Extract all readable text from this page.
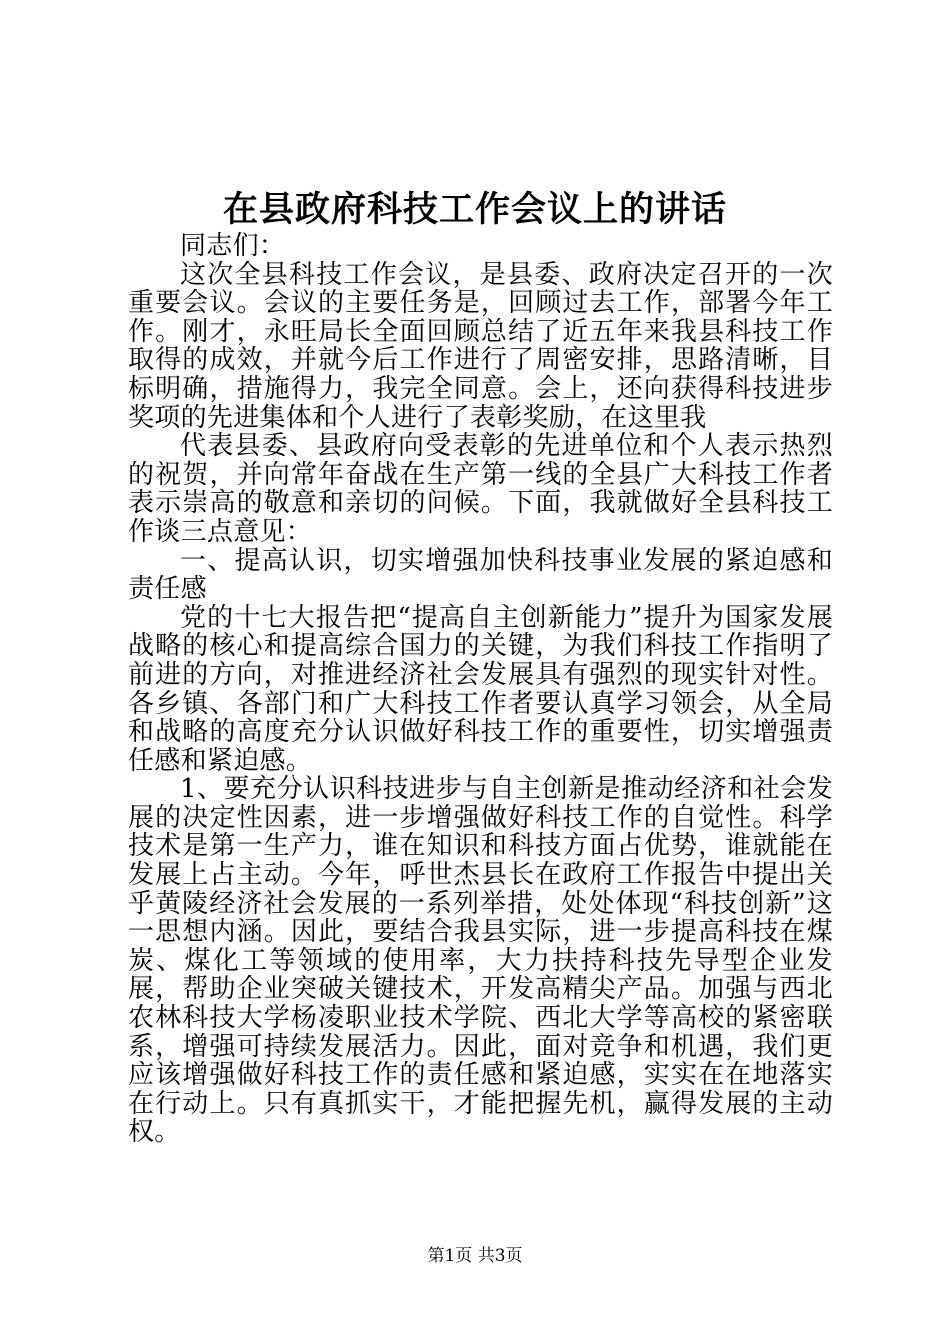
在县政府科技工作会议上的讲话

同志们：

这次全县科技工作会议，是县委、政府决定召开的一次重要会议。会议的主要任务是，回顾过去工作，部署今年工作。刚才，永旺局长全面回顾总结了近五年来我县科技工作取得的成效，并就今后工作进行了周密安排，思路清晰，目标明确，措施得力，我完全同意。会上，还向获得科技进步奖项的先进集体和个人进行了表彰奖励，在这里我

代表县委、县政府向受表彰的先进单位和个人表示热烈的祝贺，并向常年奋战在生产第一线的全县广大科技工作者表示崇高的敬意和亲切的问候。下面，我就做好全县科技工作谈三点意见：

一、提高认识，切实增强加快科技事业发展的紧迫感和责任感

党的十七大报告把“提高自主创新能力”提升为国家发展战略的核心和提高综合国力的关键，为我们科技工作指明了前进的方向，对推进经济社会发展具有强烈的现实针对性。各乡镇、各部门和广大科技工作者要认真学习领会，从全局和战略的高度充分认识做好科技工作的重要性，切实增强责任感和紧迫感。

1、要充分认识科技进步与自主创新是推动经济和社会发展的决定性因素，进一步增强做好科技工作的自觉性。科学技术是第一生产力，谁在知识和科技方面占优势，谁就能在发展上占主动。今年，呼世杰县长在政府工作报告中提出关乎黄陵经济社会发展的一系列举措，处处体现“科技创新”这一思想内涵。因此，要结合我县实际，进一步提高科技在煤炭、煤化工等领域的使用率，大力扶持科技先导型企业发展，帮助企业突破关键技术，开发高精尖产品。加强与西北农林科技大学杨凌职业技术学院、西北大学等高校的紧密联系，增强可持续发展活力。因此，面对竞争和机遇，我们更应该增强做好科技工作的责任感和紧迫感，实实在在地落实在行动上。只有真抓实干，才能把握先机，赢得发展的主动权。

第1页 共3页
